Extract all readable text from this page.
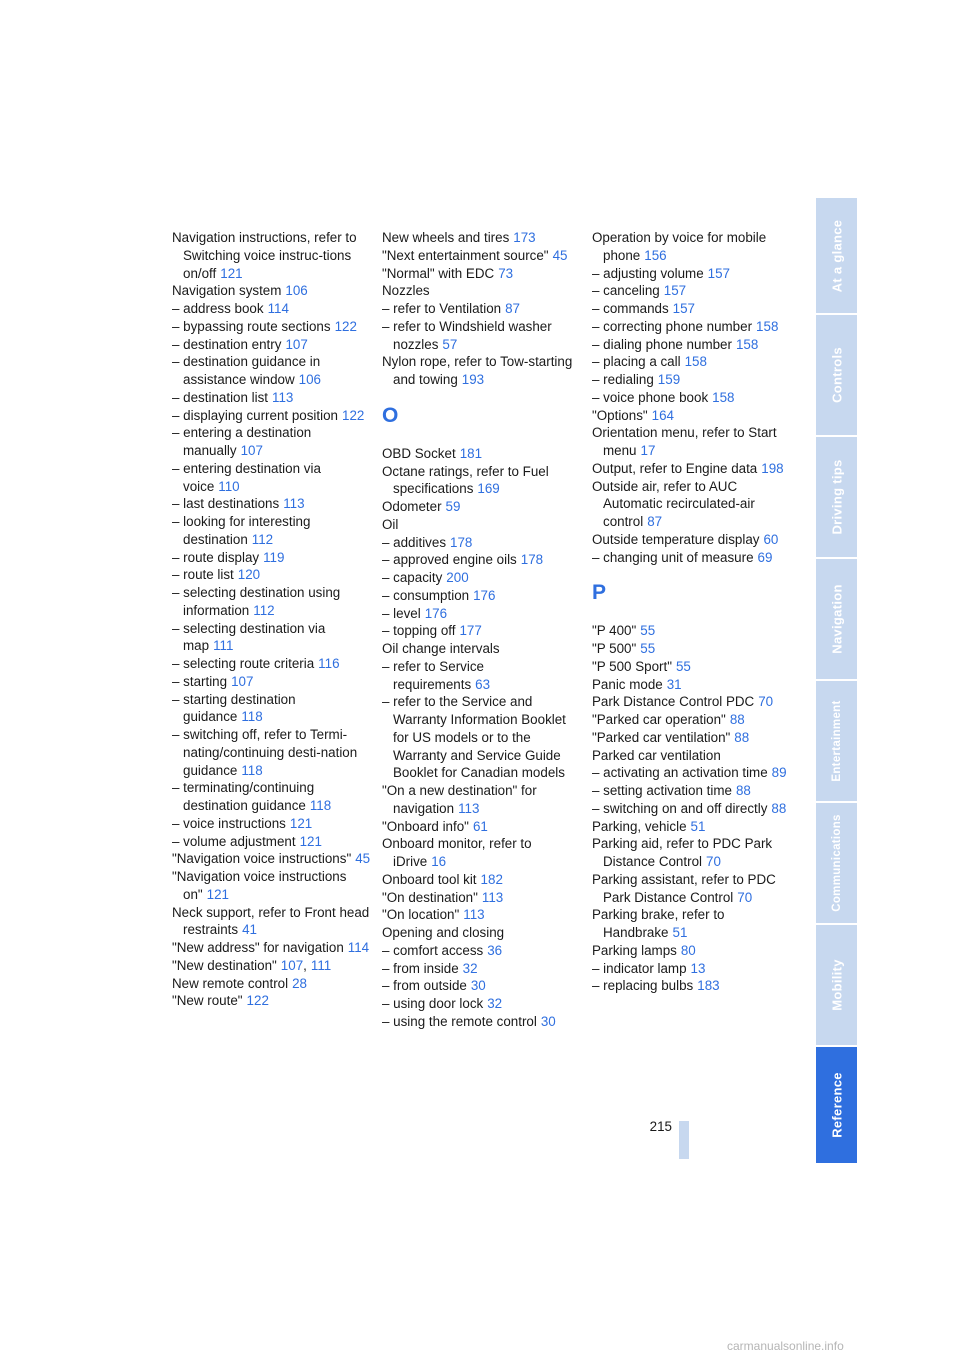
Navigation instructions, refer to Switching voice instruc-tions on/off 121
Navigation system 106
– address book 114
– bypassing route sections 122
– destination entry 107
– destination guidance in assistance window 106
– destination list 113
– displaying current position 122
– entering a destination manually 107
– entering destination via voice 110
– last destinations 113
– looking for interesting destination 112
– route display 119
– route list 120
– selecting destination using information 112
– selecting destination via map 111
– selecting route criteria 116
– starting 107
– starting destination guidance 118
– switching off, refer to Termi-nating/continuing desti-nation guidance 118
– terminating/continuing destination guidance 118
– voice instructions 121
– volume adjustment 121
"Navigation voice instructions" 45
"Navigation voice instructions on" 121
Neck support, refer to Front head restraints 41
"New address" for navigation 114
"New destination" 107, 111
New remote control 28
"New route" 122
New wheels and tires 173
"Next entertainment source" 45
"Normal" with EDC 73
Nozzles
– refer to Ventilation 87
– refer to Windshield washer nozzles 57
Nylon rope, refer to Tow-starting and towing 193
O
OBD Socket 181
Octane ratings, refer to Fuel specifications 169
Odometer 59
Oil
– additives 178
– approved engine oils 178
– capacity 200
– consumption 176
– level 176
– topping off 177
Oil change intervals
– refer to Service requirements 63
– refer to the Service and Warranty Information Booklet for US models or to the Warranty and Service Guide Booklet for Canadian models
"On a new destination" for navigation 113
"Onboard info" 61
Onboard monitor, refer to iDrive 16
Onboard tool kit 182
"On destination" 113
"On location" 113
Opening and closing
– comfort access 36
– from inside 32
– from outside 30
– using door lock 32
– using the remote control 30
Operation by voice for mobile phone 156
– adjusting volume 157
– canceling 157
– commands 157
– correcting phone number 158
– dialing phone number 158
– placing a call 158
– redialing 159
– voice phone book 158
"Options" 164
Orientation menu, refer to Start menu 17
Output, refer to Engine data 198
Outside air, refer to AUC Automatic recirculated-air control 87
Outside temperature display 60
– changing unit of measure 69
P
"P 400" 55
"P 500" 55
"P 500 Sport" 55
Panic mode 31
Park Distance Control PDC 70
"Parked car operation" 88
"Parked car ventilation" 88
Parked car ventilation
– activating an activation time 89
– setting activation time 88
– switching on and off directly 88
Parking, vehicle 51
Parking aid, refer to PDC Park Distance Control 70
Parking assistant, refer to PDC Park Distance Control 70
Parking brake, refer to Handbrake 51
Parking lamps 80
– indicator lamp 13
– replacing bulbs 183
215
At a glance
Controls
Driving tips
Navigation
Entertainment
Communications
Mobility
Reference
carmanualsonline.info
